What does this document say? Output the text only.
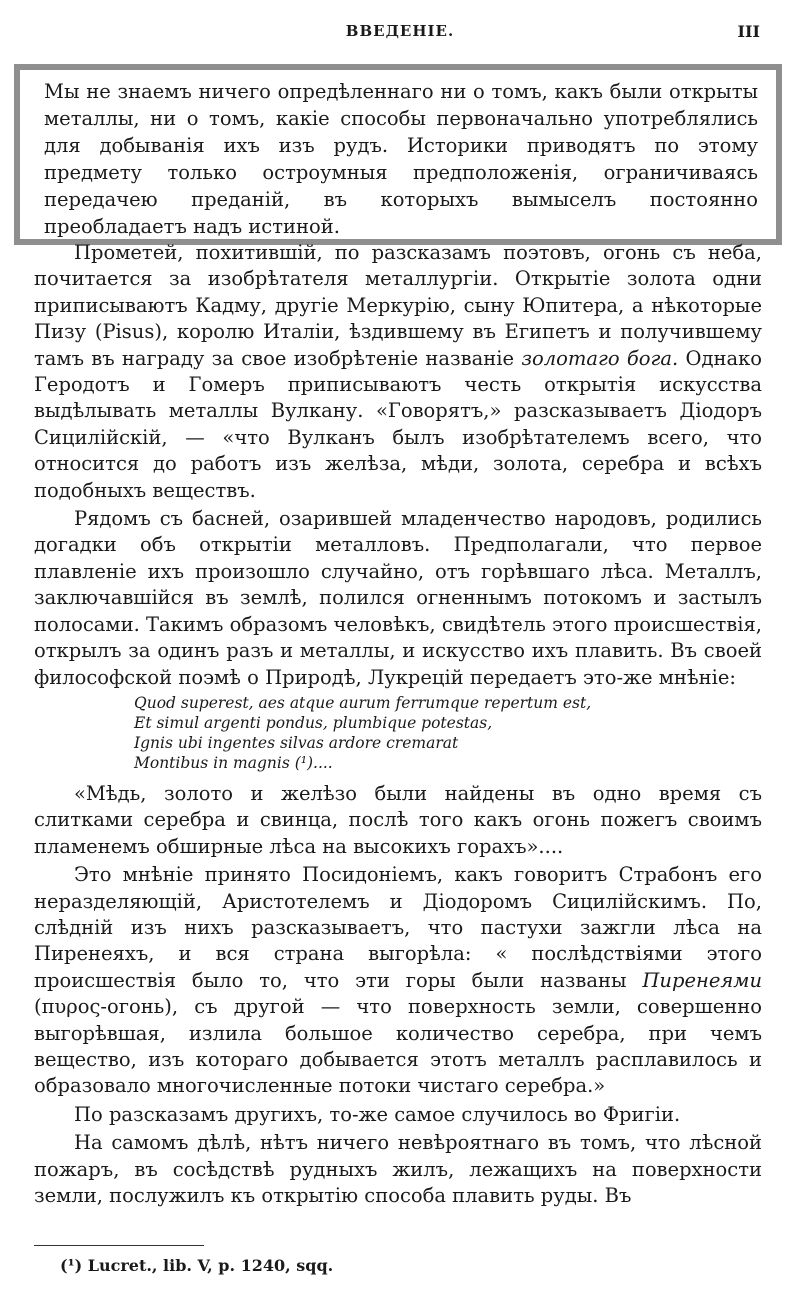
ВВЕДЕНІЕ.	III
Мы не знаемъ ничего опредѣленнаго ни о томъ, какъ были открыты металлы, ни о томъ, какіе способы первоначально употреблялись для добыванія ихъ изъ рудъ. Историки приводятъ по этому предмету только остроумныя предположенія, ограничиваясь передачею преданій, въ которыхъ вымыселъ постоянно преобладаетъ надъ истиной.

Прометей, похитившій, по разсказамъ поэтовъ, огонь съ неба, почитается за изобрѣтателя металлургіи. Открытіе золота одни приписываютъ Кадму, другіе Меркурію, сыну Юпитера, а нѣкоторые Пизу (Pisus), королю Италіи, ѣздившему въ Египетъ и получившему тамъ въ награду за свое изобрѣтеніе названіе золотаго бога. Однако Геродотъ и Гомеръ приписываютъ честь открытія искусства выдѣлывать металлы Вулкану. «Говорятъ,» разсказываетъ Діодоръ Сицилійскій, — «что Вулканъ былъ изобрѣтателемъ всего, что относится до работъ изъ желѣза, мѣди, золота, серебра и всѣхъ подобныхъ веществъ.

Рядомъ съ басней, озарившей младенчество народовъ, родились догадки объ открытіи металловъ. Предполагали, что первое плавленіе ихъ произошло случайно, отъ горѣвшаго лѣса. Металлъ, заключавшійся въ землѣ, полился огненнымъ потокомъ и застылъ полосами. Такимъ образомъ человѣкъ, свидѣтель этого происшествія, открылъ за одинъ разъ и металлы, и искусство ихъ плавить. Въ своей философской поэмѣ о Природѣ, Лукрецій передаетъ это-же мнѣніе:

Quod superest, aes atque aurum ferrumque repertum est,
Et simul argenti pondus, plumbique potestas,
Ignis ubi ingentes silvas ardore cremarat
Montibus in magnis (¹)....

«Мѣдь, золото и желѣзо были найдены въ одно время съ слитками серебра и свинца, послѣ того какъ огонь пожегъ своимъ пламенемъ обширные лѣса на высокихъ горахъ»....

Это мнѣніе принято Посидоніемъ, какъ говоритъ Страбонъ его неразделяющій, Аристотелемъ и Діодоромъ Сицилійскимъ. По, слѣдній изъ нихъ разсказываетъ, что пастухи зажгли лѣса на Пиренеяхъ, и вся страна выгорѣла: « послѣдствіями этого происшествія было то, что эти горы были названы Пиренеями (πυρος-огонь), съ другой — что поверхность земли, совершенно выгорѣвшая, излила большое количество серебра, при чемъ вещество, изъ котораго добывается этотъ металлъ расплавилось и образовало многочисленные потоки чистаго серебра.»

По разсказамъ другихъ, то-же самое случилось во Фригіи.

На самомъ дѣлѣ, нѣтъ ничего невѣроятнаго въ томъ, что лѣсной пожаръ, въ сосѣдствѣ рудныхъ жилъ, лежащихъ на поверхности земли, послужилъ къ открытію способа плавить руды. Въ

(¹) Lucret., lib. V, p. 1240, sqq.
